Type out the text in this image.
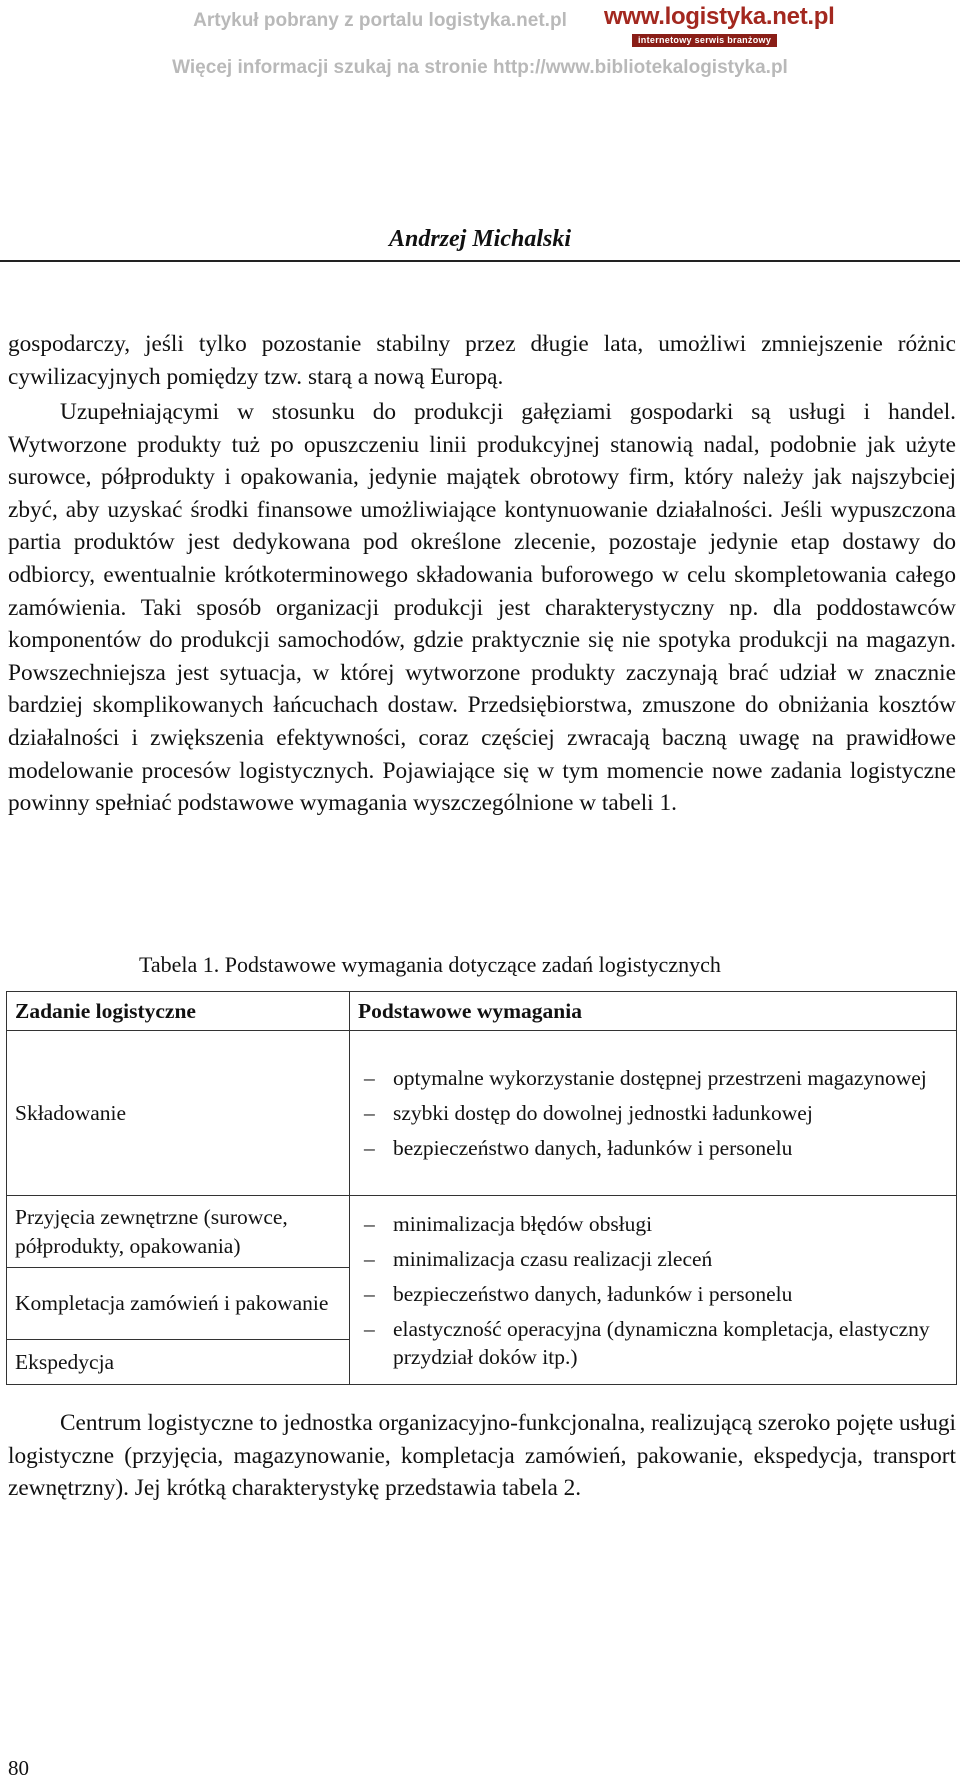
Artykuł pobrany z portalu logistyka.net.pl	www.logistyka.net.pl
internetowy serwis branżowy
Więcej informacji szukaj na stronie http://www.bibliotekalogistyka.pl
Andrzej Michalski

gospodarczy, jeśli tylko pozostanie stabilny przez długie lata, umożliwi zmniejszenie różnic cywilizacyjnych pomiędzy tzw. starą a nową Europą.

Uzupełniającymi w stosunku do produkcji gałęziami gospodarki są usługi i handel. Wytworzone produkty tuż po opuszczeniu linii produkcyjnej stanowią nadal, podobnie jak użyte surowce, półprodukty i opakowania, jedynie majątek obrotowy firm, który należy jak najszybciej zbyć, aby uzyskać środki finansowe umożliwiające kontynuowanie działalności. Jeśli wypuszczona partia produktów jest dedykowana pod określone zlecenie, pozostaje jedynie etap dostawy do odbiorcy, ewentualnie krótkoterminowego składowania buforowego w celu skompletowania całego zamówienia. Taki sposób organizacji produkcji jest charakterystyczny np. dla poddostawców komponentów do produkcji samochodów, gdzie praktycznie się nie spotyka produkcji na magazyn. Powszechniejsza jest sytuacja, w której wytworzone produkty zaczynają brać udział w znacznie bardziej skomplikowanych łańcuchach dostaw. Przedsiębiorstwa, zmuszone do obniżania kosztów działalności i zwiększenia efektywności, coraz częściej zwracają baczną uwagę na prawidłowe modelowanie procesów logistycznych. Pojawiające się w tym momencie nowe zadania logistyczne powinny spełniać podstawowe wymagania wyszczególnione w tabeli 1.

Tabela 1. Podstawowe wymagania dotyczące zadań logistycznych
Zadanie logistyczne	Podstawowe wymagania
Składowanie	– optymalne wykorzystanie dostępnej przestrzeni magazynowej
– szybki dostęp do dowolnej jednostki ładunkowej
– bezpieczeństwo danych, ładunków i personelu

Przyjęcia zewnętrzne (surowce, półprodukty, opakowania)	– minimalizacja błędów obsługi
– minimalizacja czasu realizacji zleceń
– bezpieczeństwo danych, ładunków i personelu
– elastyczność operacyjna (dynamiczna kompletacja, elastyczny przydział doków itp.)

Kompletacja zamówień i pakowanie	

Ekspedycja	

Centrum logistyczne to jednostka organizacyjno-funkcjonalna, realizującą szeroko pojęte usługi logistyczne (przyjęcia, magazynowanie, kompletacja zamówień, pakowanie, ekspedycja, transport zewnętrzny). Jej krótką charakterystykę przedstawia tabela 2.

80
